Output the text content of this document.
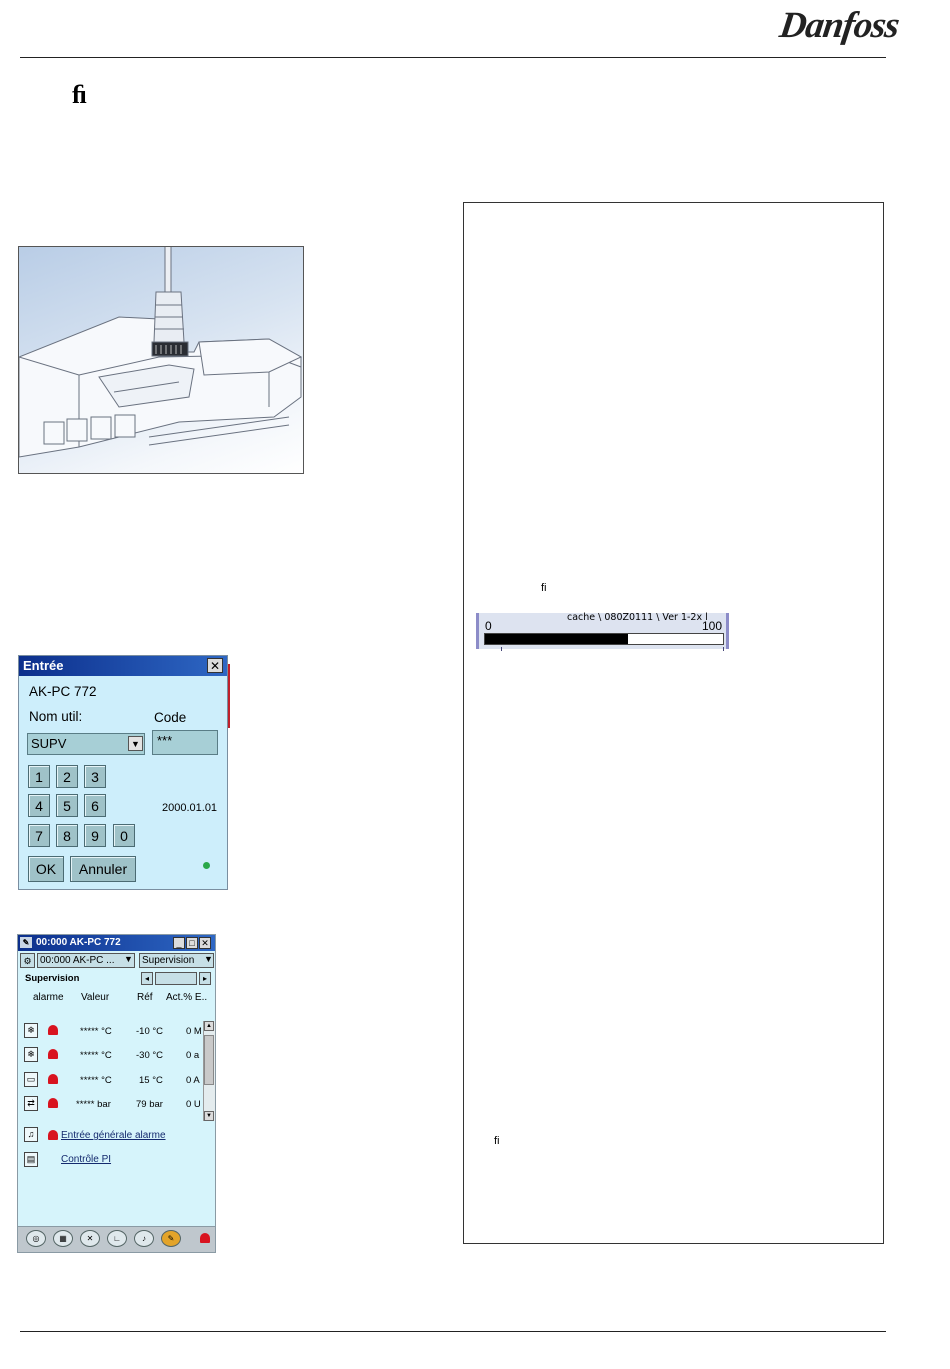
Danfoss
ﬁ
ﬁ
cache \ 080Z0111 \ Ver 1-2x l
0	100
ﬁ
Entrée	✕
AK-PC 772
Nom util:	Code
SUPV	▼	***
1	2	3
4	5	6
7	8	9	0
2000.01.01
OK	Annuler
✎ 00:000 AK-PC 772	_ □ ✕
⚙ 00:000 AK-PC ...	▼ Supervision	▼
Supervision	◂	▸
alarme Valeur	Réf Act.% E..
❄	***** °C	-10 °C 0 M
❄	***** °C	-30 °C 0 a
▭	***** °C	15 °C 0 A
⇄	***** bar	79 bar 0 U
▲
▼
♫	Entrée générale alarme
▤	Contrôle PI
◎	▦	✕	∟	♪	✎
